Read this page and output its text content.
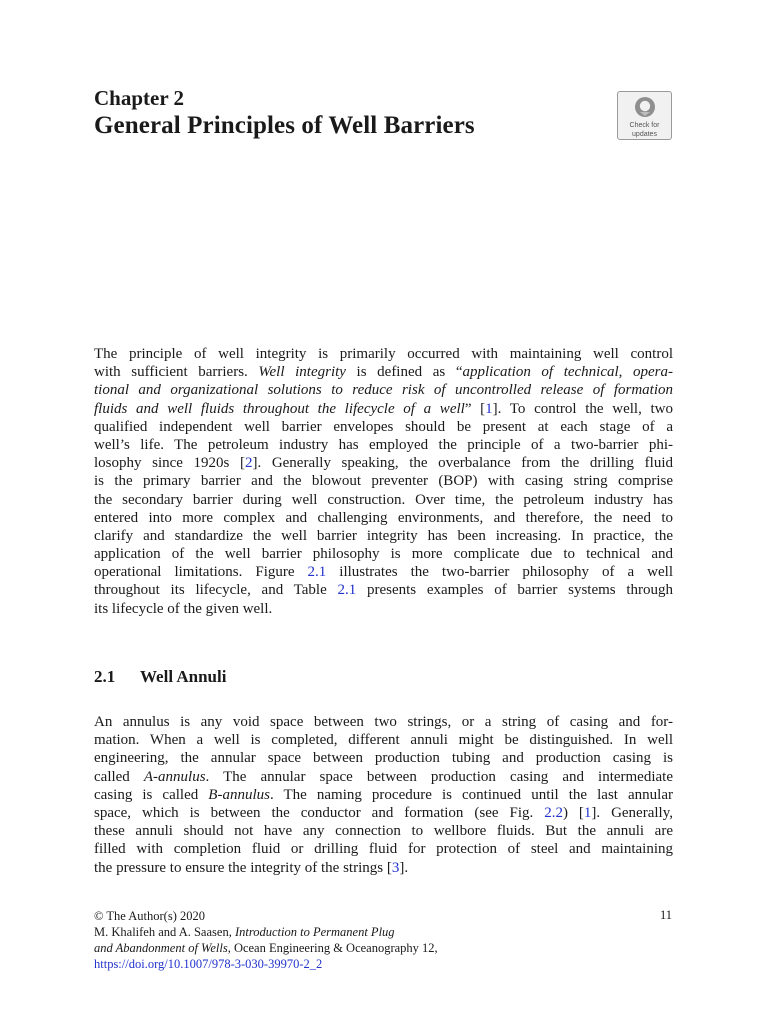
Chapter 2
General Principles of Well Barriers	Check for
updates
The principle of well integrity is primarily occurred with maintaining well control
with sufficient barriers. Well integrity is defined as “application of technical, opera-
tional and organizational solutions to reduce risk of uncontrolled release of formation
fluids and well fluids throughout the lifecycle of a well” [1]. To control the well, two
qualified independent well barrier envelopes should be present at each stage of a
well’s life. The petroleum industry has employed the principle of a two-barrier phi-
losophy since 1920s [2]. Generally speaking, the overbalance from the drilling fluid
is the primary barrier and the blowout preventer (BOP) with casing string comprise
the secondary barrier during well construction. Over time, the petroleum industry has
entered into more complex and challenging environments, and therefore, the need to
clarify and standardize the well barrier integrity has been increasing. In practice, the
application of the well barrier philosophy is more complicate due to technical and
operational limitations. Figure 2.1 illustrates the two-barrier philosophy of a well
throughout its lifecycle, and Table 2.1 presents examples of barrier systems through
its lifecycle of the given well.
2.1 Well Annuli
An annulus is any void space between two strings, or a string of casing and for-
mation. When a well is completed, different annuli might be distinguished. In well
engineering, the annular space between production tubing and production casing is
called A-annulus. The annular space between production casing and intermediate
casing is called B-annulus. The naming procedure is continued until the last annular
space, which is between the conductor and formation (see Fig. 2.2) [1]. Generally,
these annuli should not have any connection to wellbore fluids. But the annuli are
filled with completion fluid or drilling fluid for protection of steel and maintaining
the pressure to ensure the integrity of the strings [3].
© The Author(s) 2020
M. Khalifeh and A. Saasen, Introduction to Permanent Plug
and Abandonment of Wells, Ocean Engineering & Oceanography 12,
https://doi.org/10.1007/978-3-030-39970-2_2
11
